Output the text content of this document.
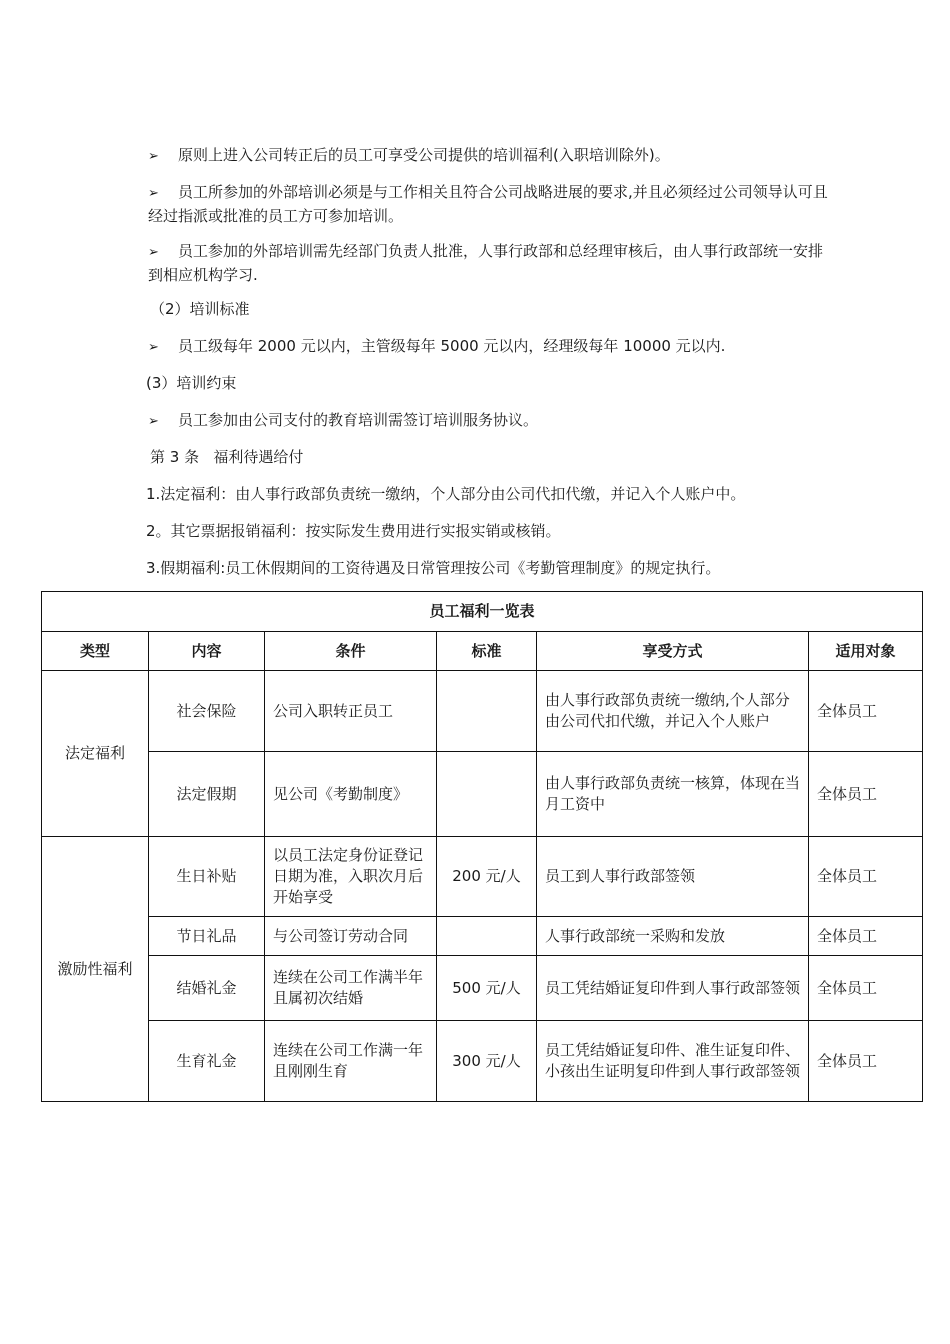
➢ 原则上进入公司转正后的员工可享受公司提供的培训福利(入职培训除外)。
➢ 员工所参加的外部培训必须是与工作相关且符合公司战略进展的要求,并且必须经过公司领导认可且经过指派或批准的员工方可参加培训。
➢ 员工参加的外部培训需先经部门负责人批准，人事行政部和总经理审核后，由人事行政部统一安排到相应机构学习.
（2）培训标准
➢ 员工级每年 2000 元以内，主管级每年 5000 元以内，经理级每年 10000 元以内.
(3）培训约束
➢ 员工参加由公司支付的教育培训需签订培训服务协议。
第 3 条   福利待遇给付
1.法定福利：由人事行政部负责统一缴纳，个人部分由公司代扣代缴，并记入个人账户中。
2。其它票据报销福利：按实际发生费用进行实报实销或核销。
3.假期福利:员工休假期间的工资待遇及日常管理按公司《考勤管理制度》的规定执行。
员工福利一览表					
类型	内容	条件	标准	享受方式	适用对象
法定福利	社会保险	公司入职转正员工		由人事行政部负责统一缴纳,个人部分由公司代扣代缴，并记入个人账户	全体员工
	法定假期	见公司《考勤制度》		由人事行政部负责统一核算，体现在当月工资中	全体员工
激励性福利	生日补贴	以员工法定身份证登记日期为准，入职次月后开始享受	200 元/人	员工到人事行政部签领	全体员工
	节日礼品	与公司签订劳动合同		人事行政部统一采购和发放	全体员工
	结婚礼金	连续在公司工作满半年且属初次结婚	500 元/人	员工凭结婚证复印件到人事行政部签领	全体员工
	生育礼金	连续在公司工作满一年且刚刚生育	300 元/人	员工凭结婚证复印件、准生证复印件、小孩出生证明复印件到人事行政部签领	全体员工
